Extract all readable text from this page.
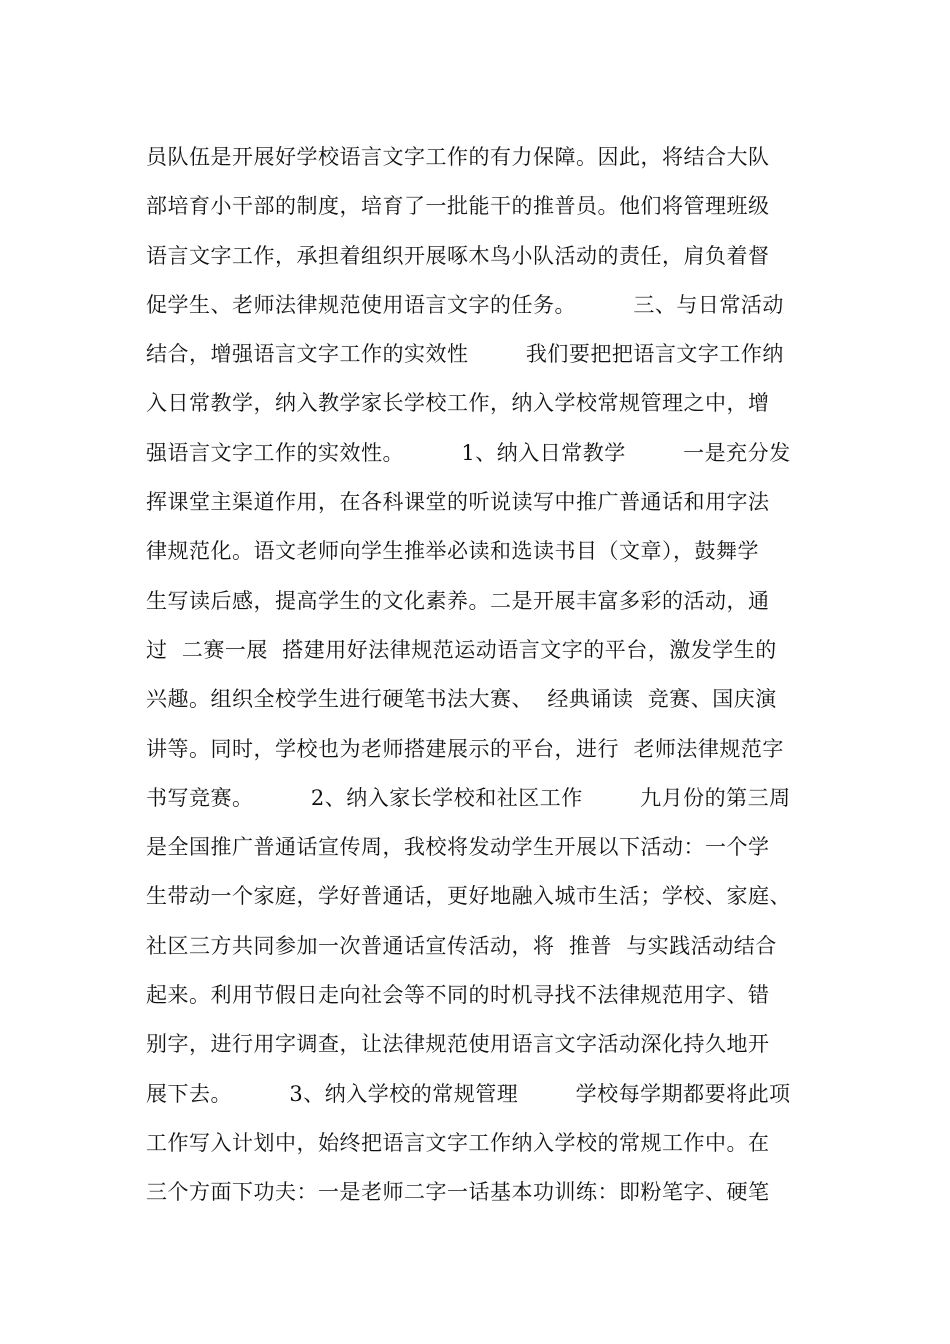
员队伍是开展好学校语言文字工作的有力保障。因此，将结合大队
部培育小干部的制度，培育了一批能干的推普员。他们将管理班级
语言文字工作，承担着组织开展啄木鸟小队活动的责任，肩负着督
促学生、老师法律规范使用语言文字的任务。        三、与日常活动
结合，增强语言文字工作的实效性        我们要把把语言文字工作纳
入日常教学，纳入教学家长学校工作，纳入学校常规管理之中，增
强语言文字工作的实效性。        1、纳入日常教学        一是充分发
挥课堂主渠道作用，在各科课堂的听说读写中推广普通话和用字法
律规范化。语文老师向学生推举必读和选读书目（文章），鼓舞学
生写读后感，提高学生的文化素养。二是开展丰富多彩的活动，通
过  二赛一展  搭建用好法律规范运动语言文字的平台，激发学生的
兴趣。组织全校学生进行硬笔书法大赛、  经典诵读  竞赛、国庆演
讲等。同时，学校也为老师搭建展示的平台，进行  老师法律规范字
书写竞赛。        2、纳入家长学校和社区工作        九月份的第三周
是全国推广普通话宣传周，我校将发动学生开展以下活动：一个学
生带动一个家庭，学好普通话，更好地融入城市生活；学校、家庭、
社区三方共同参加一次普通话宣传活动，将  推普  与实践活动结合
起来。利用节假日走向社会等不同的时机寻找不法律规范用字、错
别字，进行用字调查，让法律规范使用语言文字活动深化持久地开
展下去。        3、纳入学校的常规管理        学校每学期都要将此项
工作写入计划中，始终把语言文字工作纳入学校的常规工作中。在
三个方面下功夫：一是老师二字一话基本功训练：即粉笔字、硬笔
